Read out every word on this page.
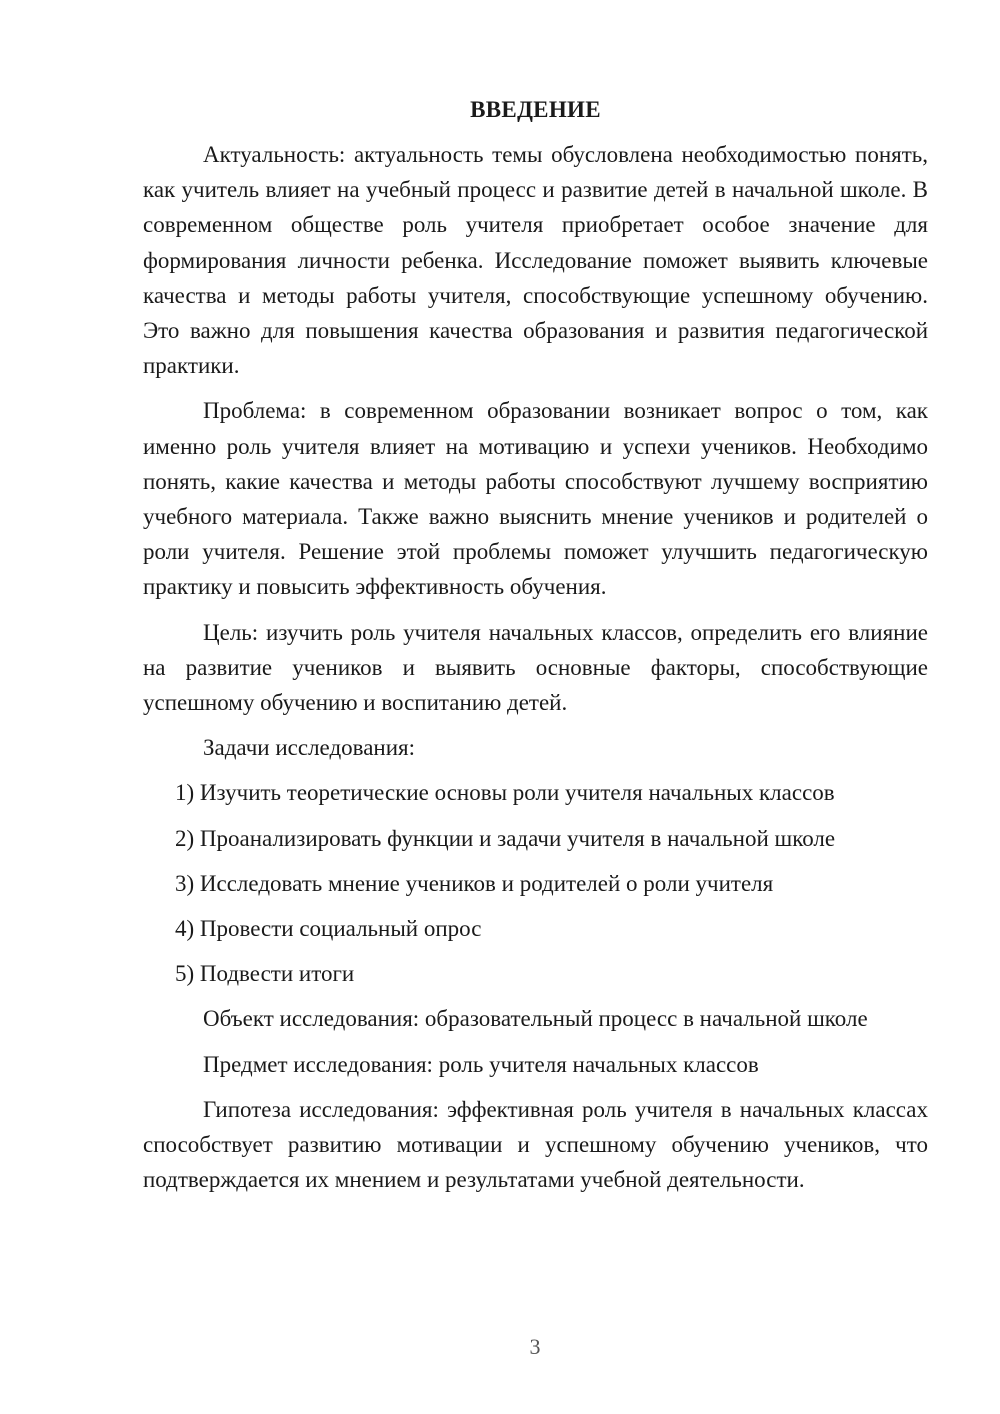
ВВЕДЕНИЕ

Актуальность: актуальность темы обусловлена необходимостью понять, как учитель влияет на учебный процесс и развитие детей в начальной школе. В современном обществе роль учителя приобретает особое значение для формирования личности ребенка. Исследование поможет выявить ключевые качества и методы работы учителя, способствующие успешному обучению. Это важно для повышения качества образования и развития педагогической практики.

Проблема: в современном образовании возникает вопрос о том, как именно роль учителя влияет на мотивацию и успехи учеников. Необходимо понять, какие качества и методы работы способствуют лучшему восприятию учебного материала. Также важно выяснить мнение учеников и родителей о роли учителя. Решение этой проблемы поможет улучшить педагогическую практику и повысить эффективность обучения.

Цель: изучить роль учителя начальных классов, определить его влияние на развитие учеников и выявить основные факторы, способствующие успешному обучению и воспитанию детей.

Задачи исследования:

1) Изучить теоретические основы роли учителя начальных классов
2) Проанализировать функции и задачи учителя в начальной школе
3) Исследовать мнение учеников и родителей о роли учителя
4) Провести социальный опрос
5) Подвести итоги

Объект исследования: образовательный процесс в начальной школе

Предмет исследования: роль учителя начальных классов

Гипотеза исследования: эффективная роль учителя в начальных классах способствует развитию мотивации и успешному обучению учеников, что подтверждается их мнением и результатами учебной деятельности.

3
